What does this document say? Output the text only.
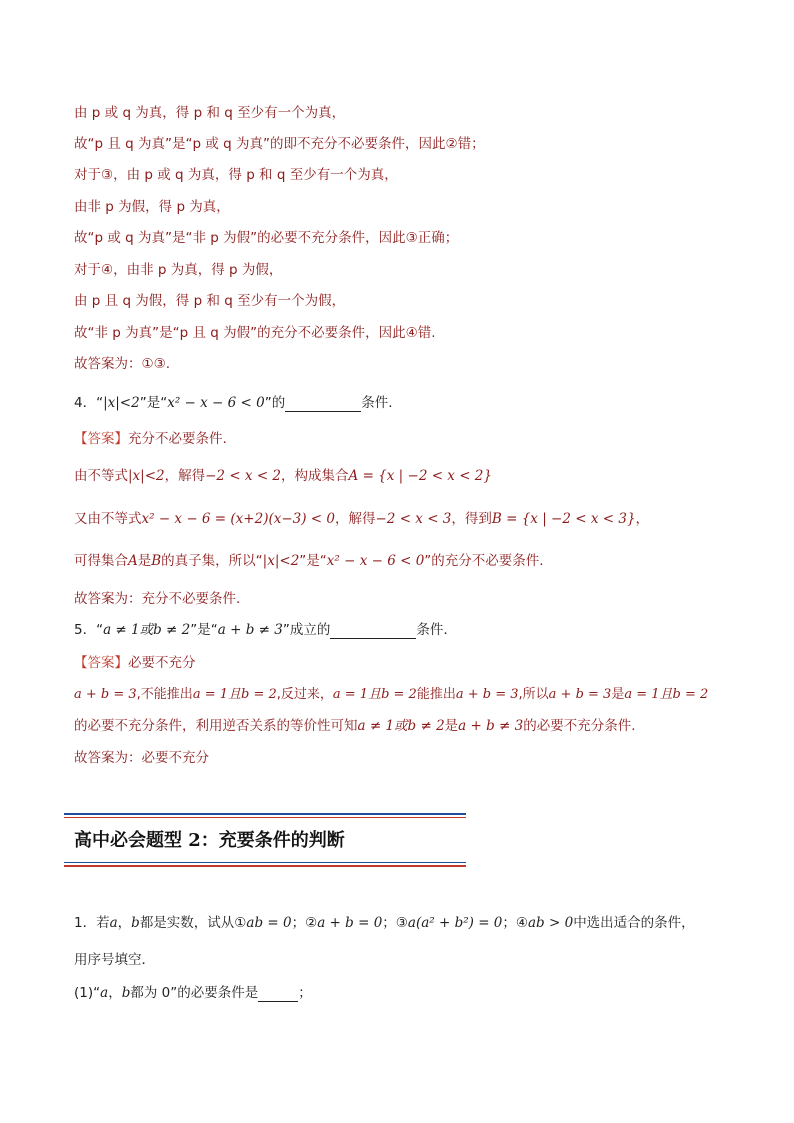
由 p 或 q 为真，得 p 和 q 至少有一个为真，
故“p 且 q 为真”是“p 或 q 为真”的即不充分不必要条件，因此②错；
对于③，由 p 或 q 为真，得 p 和 q 至少有一个为真，
由非 p 为假，得 p 为真，
故“p 或 q 为真”是“非 p 为假”的必要不充分条件，因此③正确；
对于④，由非 p 为真，得 p 为假，
由 p 且 q 为假，得 p 和 q 至少有一个为假，
故“非 p 为真”是“p 且 q 为假”的充分不必要条件，因此④错.
故答案为：①③.
4．“|x|<2”是“x² − x − 6 < 0”的	条件.
【答案】充分不必要条件.
由不等式|x|<2，解得−2 < x < 2，构成集合A = {x | −2 < x < 2}
又由不等式x² − x − 6 = (x+2)(x−3) < 0，解得−2 < x < 3，得到B = {x | −2 < x < 3}，
可得集合A是B的真子集，所以“|x|<2”是“x² − x − 6 < 0”的充分不必要条件.
故答案为：充分不必要条件.
5．“a ≠ 1或b ≠ 2”是“a + b ≠ 3”成立的	条件.
【答案】必要不充分
a + b = 3,不能推出a = 1且b = 2,反过来，a = 1且b = 2能推出a + b = 3,所以a + b = 3是a = 1且b = 2
的必要不充分条件，利用逆否关系的等价性可知a ≠ 1或b ≠ 2是a + b ≠ 3的必要不充分条件.
故答案为：必要不充分
高中必会题型 2：充要条件的判断
1．若a，b都是实数，试从①ab = 0；②a + b = 0；③a(a² + b²) = 0；④ab > 0中选出适合的条件，
用序号填空．
(1)“a，b都为 0”的必要条件是	；
